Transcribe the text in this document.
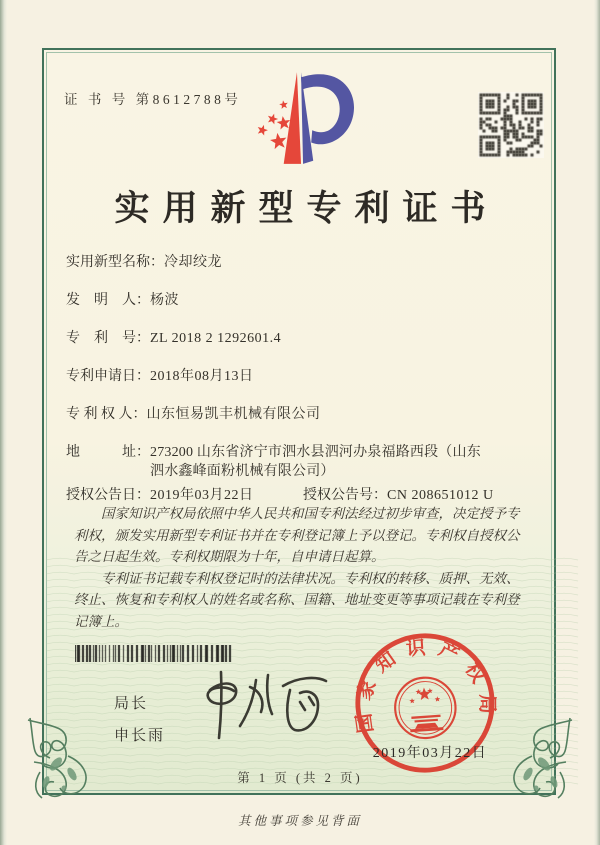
证 书 号 第8612788号
实用新型专利证书
实用新型名称：冷却绞龙
发　明　人：杨波
专　利　号：ZL 2018 2 1292601.4
专利申请日：2018年08月13日
专 利 权 人：山东恒易凯丰机械有限公司
地　　　址：273200 山东省济宁市泗水县泗河办泉福路西段（山东泗水鑫峰面粉机械有限公司）
授权公告日：2019年03月22日	授权公告号：CN 208651012 U

国家知识产权局依照中华人民共和国专利法经过初步审查，决定授予专利权，颁发实用新型专利证书并在专利登记簿上予以登记。专利权自授权公告之日起生效。专利权期限为十年，自申请日起算。

专利证书记载专利权登记时的法律状况。专利权的转移、质押、无效、终止、恢复和专利权人的姓名或名称、国籍、地址变更等事项记载在专利登记簿上。

局长
申长雨
国家知识产权局
2019年03月22日
第 1 页 (共 2 页)
其他事项参见背面
